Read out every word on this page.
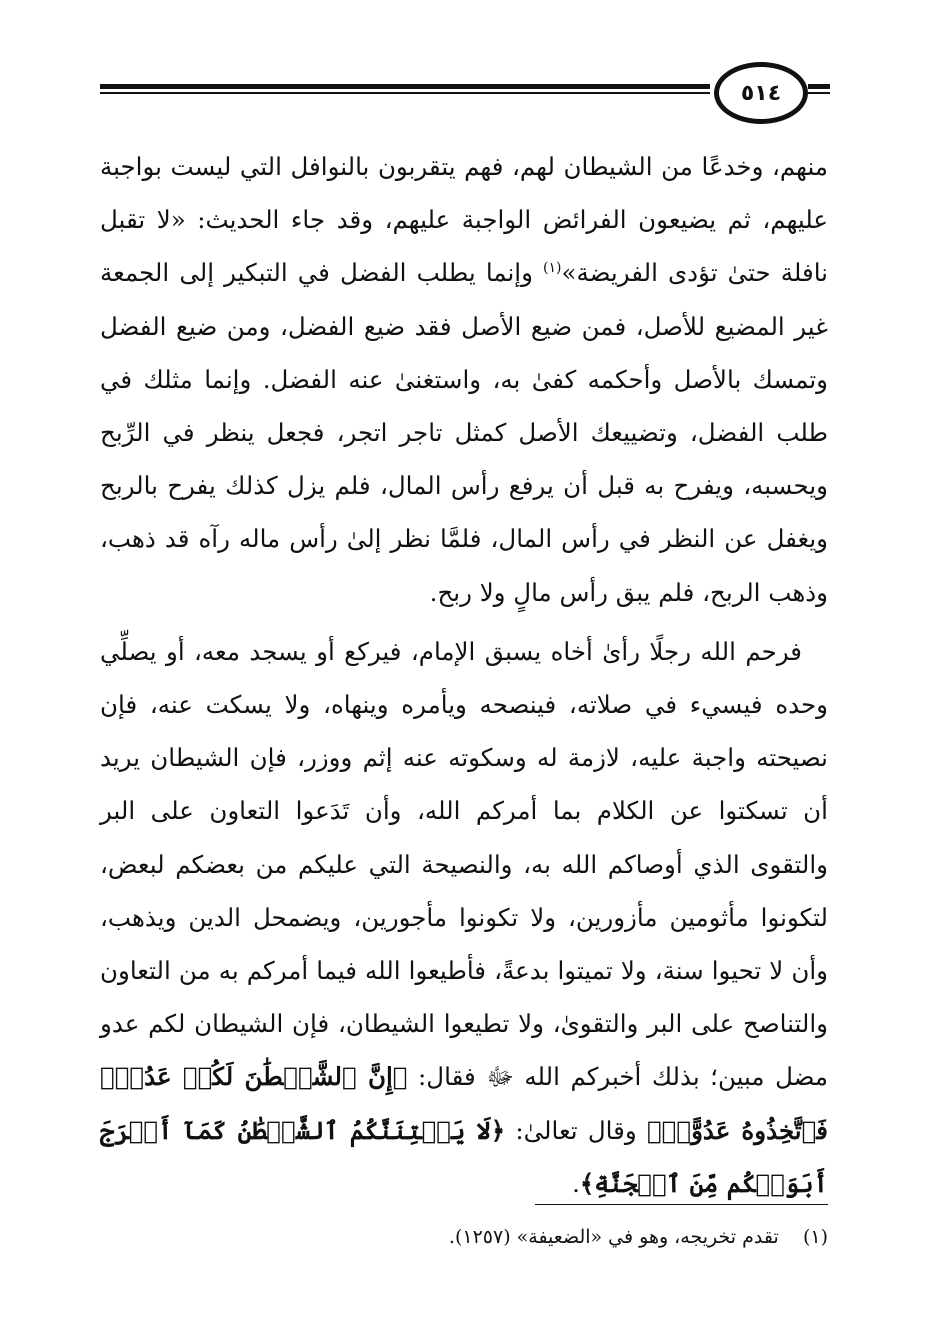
٥١٤

منهم، وخدعًا من الشيطان لهم، فهم يتقربون بالنوافل التي ليست بواجبة عليهم، ثم يضيعون الفرائض الواجبة عليهم، وقد جاء الحديث: «لا تقبل نافلة حتىٰ تؤدى الفريضة»$^{(١)}$ وإنما يطلب الفضل في التبكير إلى الجمعة غير المضيع للأصل، فمن ضيع الأصل فقد ضيع الفضل، ومن ضيع الفضل وتمسك بالأصل وأحكمه كفىٰ به، واستغنىٰ عنه الفضل. وإنما مثلك في طلب الفضل، وتضييعك الأصل كمثل تاجر اتجر، فجعل ينظر في الرِّبح ويحسبه، ويفرح به قبل أن يرفع رأس المال، فلم يزل كذلك يفرح بالربح ويغفل عن النظر في رأس المال، فلمَّا نظر إلىٰ رأس ماله رآه قد ذهب، وذهب الربح، فلم يبق رأس مالٍ ولا ربح.

فرحم الله رجلًا رأىٰ أخاه يسبق الإمام، فيركع أو يسجد معه، أو يصلِّي وحده فيسيء في صلاته، فينصحه ويأمره وينهاه، ولا يسكت عنه، فإن نصيحته واجبة عليه، لازمة له وسكوته عنه إثم ووزر، فإن الشيطان يريد أن تسكتوا عن الكلام بما أمركم الله، وأن تَدَعوا التعاون على البر والتقوى الذي أوصاكم الله به، والنصيحة التي عليكم من بعضكم لبعض، لتكونوا مأثومين مأزورين، ولا تكونوا مأجورين، ويضمحل الدين ويذهب، وأن لا تحيوا سنة، ولا تميتوا بدعةً، فأطيعوا الله فيما أمركم به من التعاون والتناصح على البر والتقوىٰ، ولا تطيعوا الشيطان، فإن الشيطان لكم عدو مضل مبين؛ بذلك أخبركم الله ﷻ فقال: ﴿إِنَّ ٱلشَّيۡطَٰنَ لَكُمۡ عَدُوّٞ فَٱتَّخِذُوهُ عَدُوًّاۚ﴾ وقال تعالىٰ: ﴿لَا يَفۡتِنَنَّكُمُ ٱلشَّيۡطَٰنُ كَمَآ أَخۡرَجَ أَبَوَيۡكُم مِّنَ ٱلۡجَنَّةِ﴾.

(١)    تقدم تخريجه، وهو في «الضعيفة» (١٢٥٧).
